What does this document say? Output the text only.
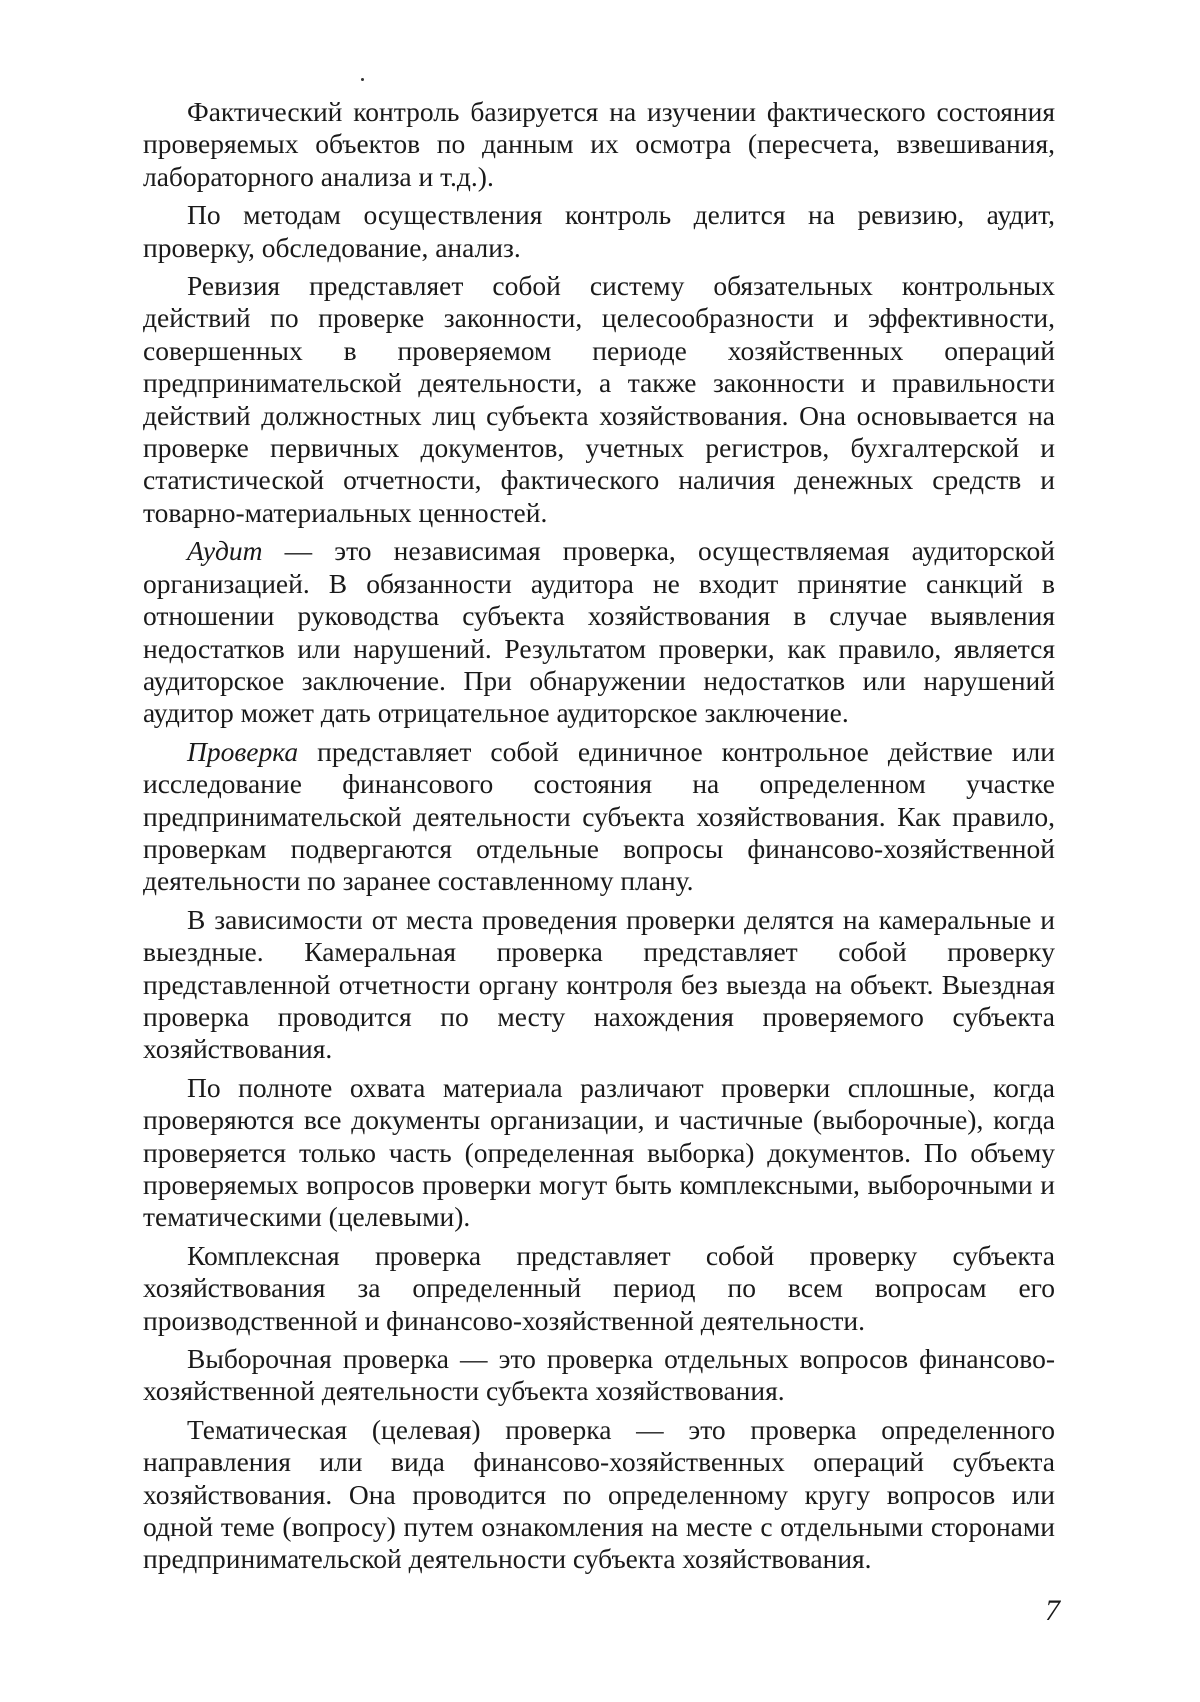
Фактический контроль базируется на изучении фактического состояния проверяемых объектов по данным их осмотра (пересчета, взвешивания, лабораторного анализа и т.д.).

По методам осуществления контроль делится на ревизию, аудит, проверку, обследование, анализ.

Ревизия представляет собой систему обязательных контрольных действий по проверке законности, целесообразности и эффективности, совершенных в проверяемом периоде хозяйственных операций предпринимательской деятельности, а также законности и правильности действий должностных лиц субъекта хозяйствования. Она основывается на проверке первичных документов, учетных регистров, бухгалтерской и статистической отчетности, фактического наличия денежных средств и товарно-материальных ценностей.

Аудит — это независимая проверка, осуществляемая аудиторской организацией. В обязанности аудитора не входит принятие санкций в отношении руководства субъекта хозяйствования в случае выявления недостатков или нарушений. Результатом проверки, как правило, является аудиторское заключение. При обнаружении недостатков или нарушений аудитор может дать отрицательное аудиторское заключение.

Проверка представляет собой единичное контрольное действие или исследование финансового состояния на определенном участке предпринимательской деятельности субъекта хозяйствования. Как правило, проверкам подвергаются отдельные вопросы финансово-хозяйственной деятельности по заранее составленному плану.

В зависимости от места проведения проверки делятся на камеральные и выездные. Камеральная проверка представляет собой проверку представленной отчетности органу контроля без выезда на объект. Выездная проверка проводится по месту нахождения проверяемого субъекта хозяйствования.

По полноте охвата материала различают проверки сплошные, когда проверяются все документы организации, и частичные (выборочные), когда проверяется только часть (определенная выборка) документов. По объему проверяемых вопросов проверки могут быть комплексными, выборочными и тематическими (целевыми).

Комплексная проверка представляет собой проверку субъекта хозяйствования за определенный период по всем вопросам его производственной и финансово-хозяйственной деятельности.

Выборочная проверка — это проверка отдельных вопросов финансово-хозяйственной деятельности субъекта хозяйствования.

Тематическая (целевая) проверка — это проверка определенного направления или вида финансово-хозяйственных операций субъекта хозяйствования. Она проводится по определенному кругу вопросов или одной теме (вопросу) путем ознакомления на месте с отдельными сторонами предпринимательской деятельности субъекта хозяйствования.

7
